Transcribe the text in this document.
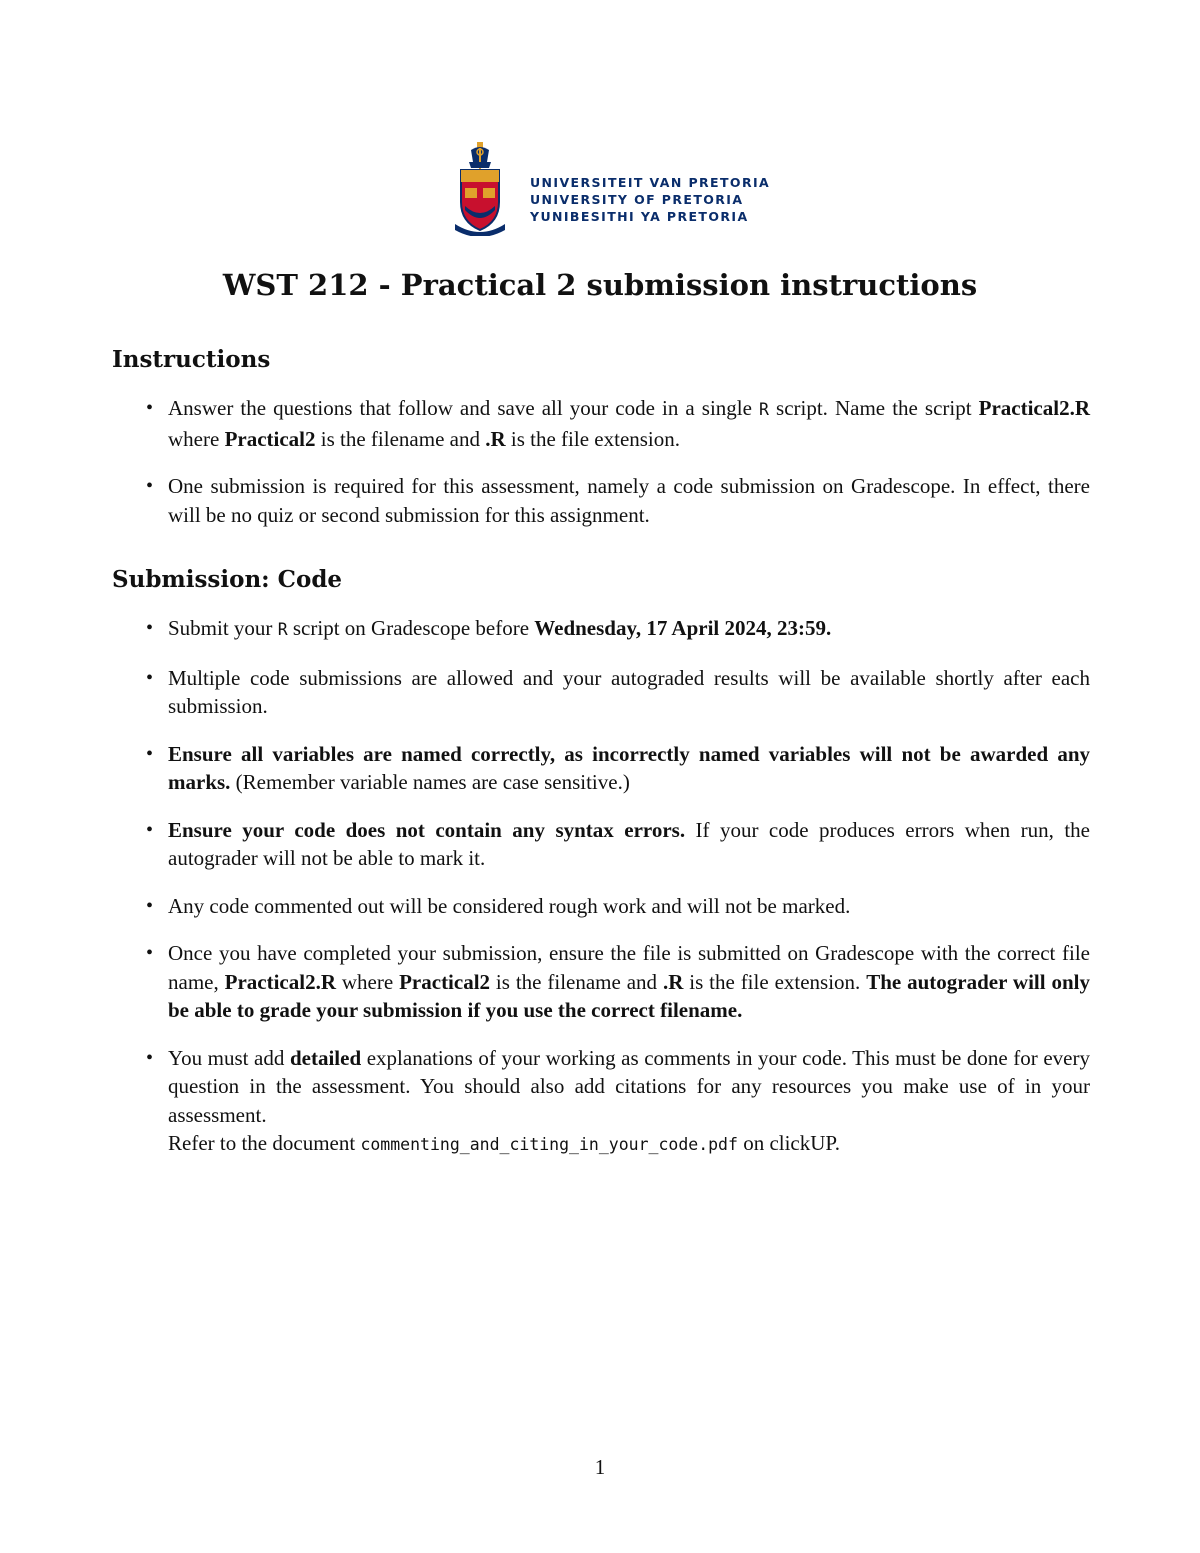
UNIVERSITEIT VAN PRETORIA
UNIVERSITY OF PRETORIA
YUNIBESITHI YA PRETORIA
WST 212 - Practical 2 submission instructions
Instructions
• Answer the questions that follow and save all your code in a single R script. Name the script Practical2.R where Practical2 is the filename and .R is the file extension.
• One submission is required for this assessment, namely a code submission on Gradescope. In effect, there will be no quiz or second submission for this assignment.
Submission: Code
• Submit your R script on Gradescope before Wednesday, 17 April 2024, 23:59.
• Multiple code submissions are allowed and your autograded results will be available shortly after each submission.
• Ensure all variables are named correctly, as incorrectly named variables will not be awarded any marks. (Remember variable names are case sensitive.)
• Ensure your code does not contain any syntax errors. If your code produces errors when run, the autograder will not be able to mark it.
• Any code commented out will be considered rough work and will not be marked.
• Once you have completed your submission, ensure the file is submitted on Gradescope with the correct file name, Practical2.R where Practical2 is the filename and .R is the file extension. The autograder will only be able to grade your submission if you use the correct filename.
• You must add detailed explanations of your working as comments in your code. This must be done for every question in the assessment. You should also add citations for any resources you make use of in your assessment.
Refer to the document commenting_and_citing_in_your_code.pdf on clickUP.
1
